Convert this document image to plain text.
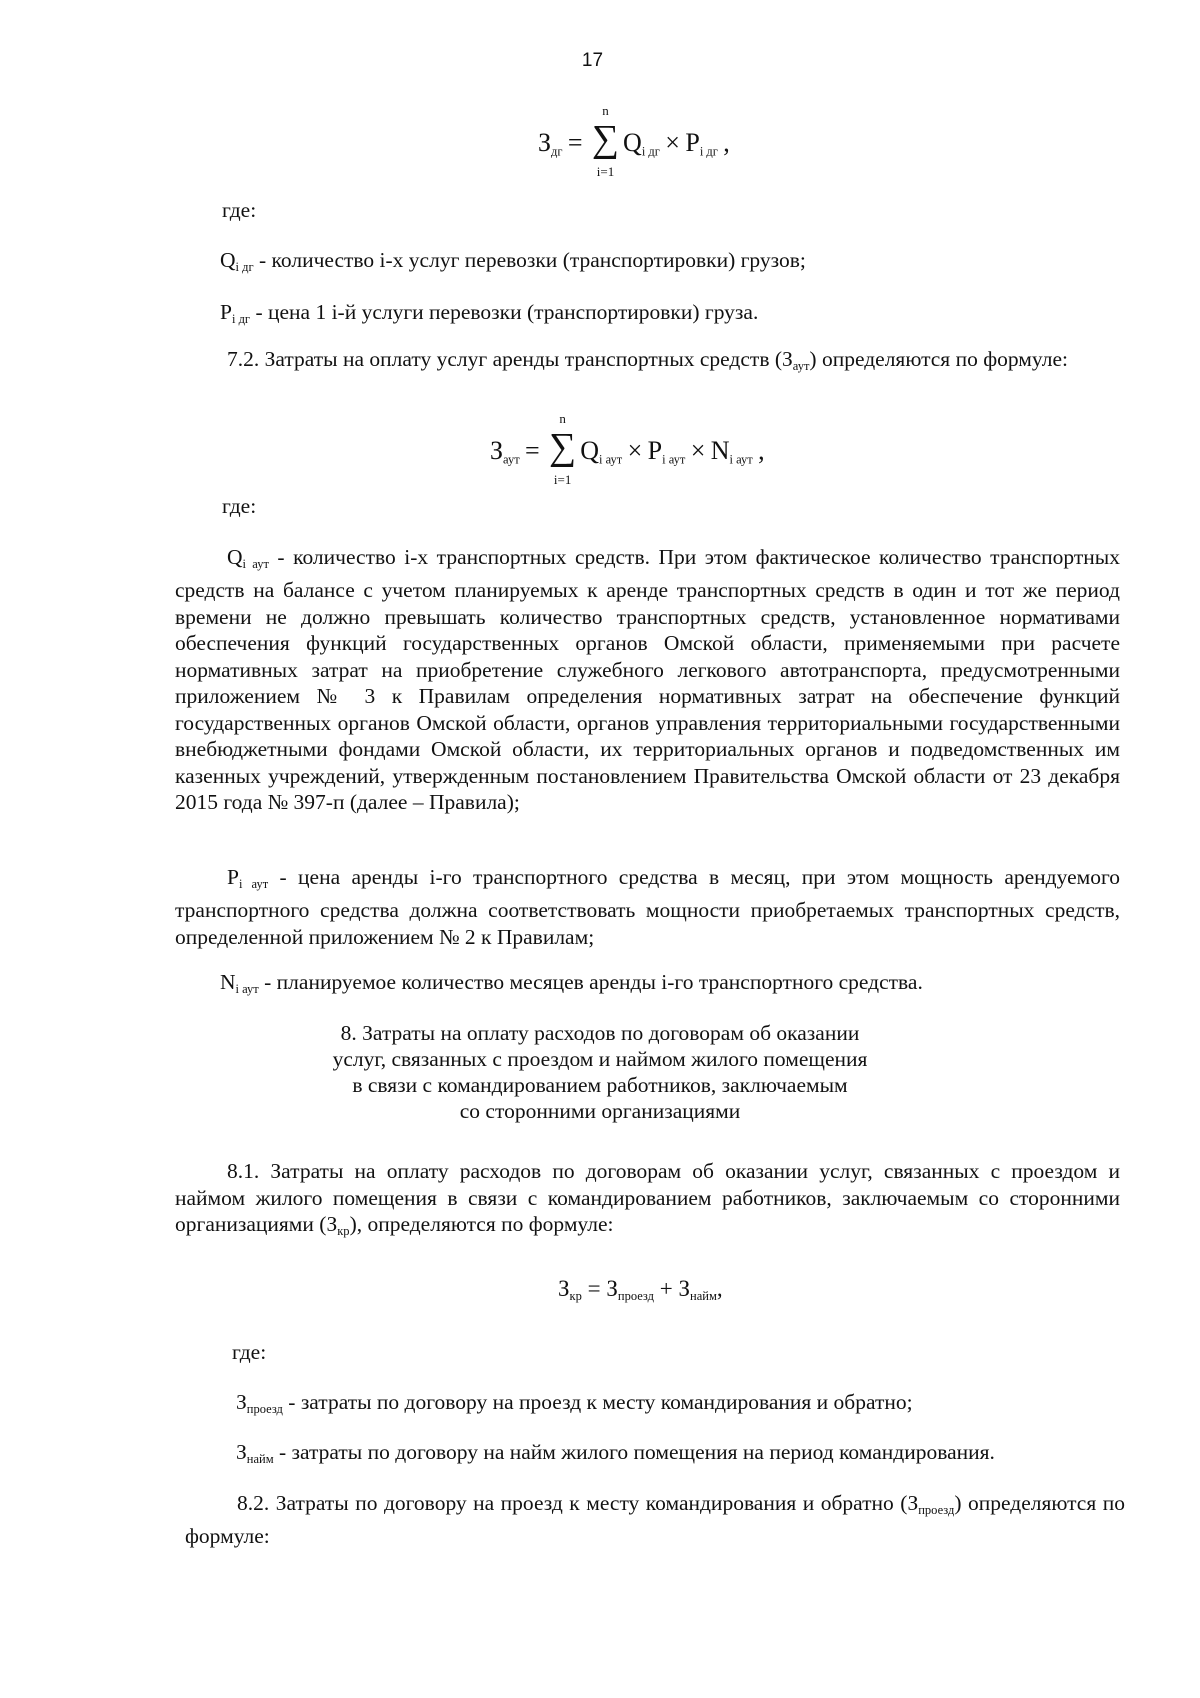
17
$З_{дг}$ = ∑
n
i=1
$Q_{i дг} \times P_{i дг}$ ,
где:
$Q_{i дг}$ - количество i-х услуг перевозки (транспортировки) грузов;
$P_{i дг}$ - цена 1 i-й услуги перевозки (транспортировки) груза.
7.2. Затраты на оплату услуг аренды транспортных средств $(З_{аут})$ определяются по формуле:
$З_{аут}$ = ∑
n
i=1
$Q_{i аут} \times P_{i аут} \times N_{i аут}$ ,
где:
$Q_{i аут}$ - количество i-х транспортных средств. При этом фактическое количество транспортных средств на балансе с учетом планируемых к аренде транспортных средств в один и тот же период времени не должно превышать количество транспортных средств, установленное нормативами обеспечения функций государственных органов Омской области, применяемыми при расчете нормативных затрат на приобретение служебного легкового автотранспорта, предусмотренными приложением № 3 к Правилам определения нормативных затрат на обеспечение функций государственных органов Омской области, органов управления территориальными государственными внебюджетными фондами Омской области, их территориальных органов и подведомственных им казенных учреждений, утвержденным постановлением Правительства Омской области от 23 декабря 2015 года № 397-п (далее – Правила);
$P_{i аут}$ - цена аренды i-го транспортного средства в месяц, при этом мощность арендуемого транспортного средства должна соответствовать мощности приобретаемых транспортных средств, определенной приложением № 2 к Правилам;
$N_{i аут}$ - планируемое количество месяцев аренды i-го транспортного средства.
8. Затраты на оплату расходов по договорам об оказании
услуг, связанных с проездом и наймом жилого помещения
в связи с командированием работников, заключаемым
со сторонними организациями
8.1. Затраты на оплату расходов по договорам об оказании услуг, связанных с проездом и наймом жилого помещения в связи с командированием работников, заключаемым со сторонними организациями $(З_{кр})$, определяются по формуле:
$З_{кр} = З_{проезд} + З_{найм}$,
где:
$З_{проезд}$ - затраты по договору на проезд к месту командирования и обратно;
$З_{найм}$ - затраты по договору на найм жилого помещения на период командирования.
8.2. Затраты по договору на проезд к месту командирования и обратно $(З_{проезд})$ определяются по формуле:
